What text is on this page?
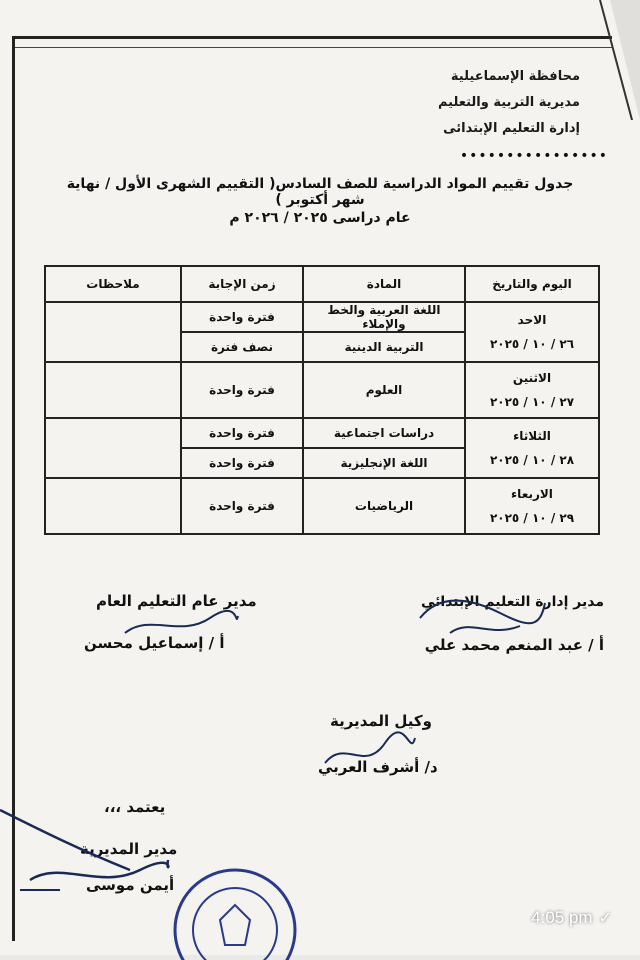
محافظة الإسماعيلية
مديرية التربية والتعليم
إدارة التعليم الإبتدائى
••••••••••••••••
جدول تقييم المواد الدراسية للصف السادس( التقييم الشهرى الأول / نهاية شهر أكتوبر )
عام دراسى ٢٠٢٥ / ٢٠٢٦ م
اليوم والتاريخ	المادة	زمن الإجابة	ملاحظات

الاحد
٢٦ / ١٠ / ٢٠٢٥	اللغة العربية والخط والإملاء	فترة واحدة	
	التربية الدينية	نصف فترة	

الاثنين
٢٧ / ١٠ / ٢٠٢٥	العلوم	فترة واحدة	

الثلاثاء
٢٨ / ١٠ / ٢٠٢٥	دراسات اجتماعية	فترة واحدة	
	اللغة الإنجليزية	فترة واحدة	

الاربعاء
٢٩ / ١٠ / ٢٠٢٥	الرياضيات	فترة واحدة	
مدير إدارة التعليم الإبتدائي
أ / عبد المنعم محمد علي
مدير عام التعليم العام
أ / إسماعيل محسن
وكيل المديرية
د/ أشرف العربي
يعتمد ،،،
مدير المديرية
أيمن موسى
4:05 pm ✓
